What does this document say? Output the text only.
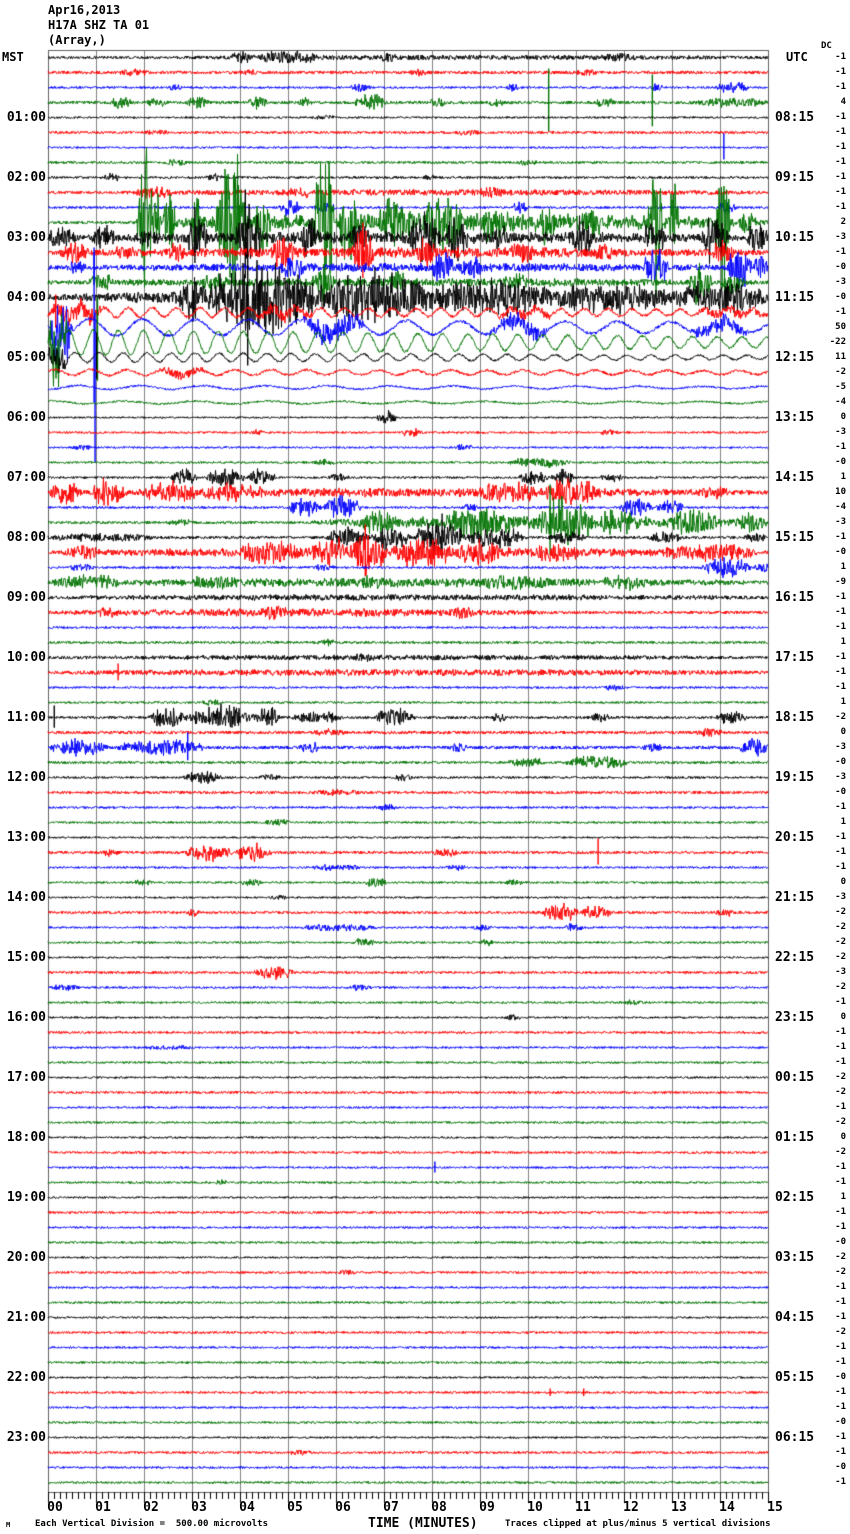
Apr16,2013
H17A SHZ TA 01
(Array,)
MST	UTC
DC
01:00
02:00
03:00
04:00
05:00
06:00
07:00
08:00
09:00
10:00
11:00
12:00
13:00
14:00
15:00
16:00
17:00
18:00
19:00
20:00
21:00
22:00
23:00
08:15
09:15
10:15
11:15
12:15
13:15
14:15
15:15
16:15
17:15
18:15
19:15
20:15
21:15
22:15
23:15
00:15
01:15
02:15
03:15
04:15
05:15
06:15
-1
-1
-1
4
-1
-1
-1
-1
-1
-1
-1
2
-3
-1
-0
-3
-0
-1
50
-22
11
-2
-5
-4
0
-3
-1
-0
1
10
-4
-3
-1
-0
1
-9
-1
-1
-1
1
-1
-1
-1
1
-2
0
-3
-0
-3
-0
-1
1
-1
-1
-1
0
-3
-2
-2
-2
-2
-3
-2
-1
0
-1
-1
-1
-2
-2
-1
-2
0
-2
-1
-1
1
-1
-1
-0
-2
-2
-1
-1
-1
-2
-1
-1
-0
-1
-1
-0
-1
-1
-0
-1
00 01 02 03 04 05 06 07 08 09 10 11 12 13 14 15
M	Each Vertical Division =  500.00 microvolts	TIME (MINUTES)	Traces clipped at plus/minus 5 vertical divisions
